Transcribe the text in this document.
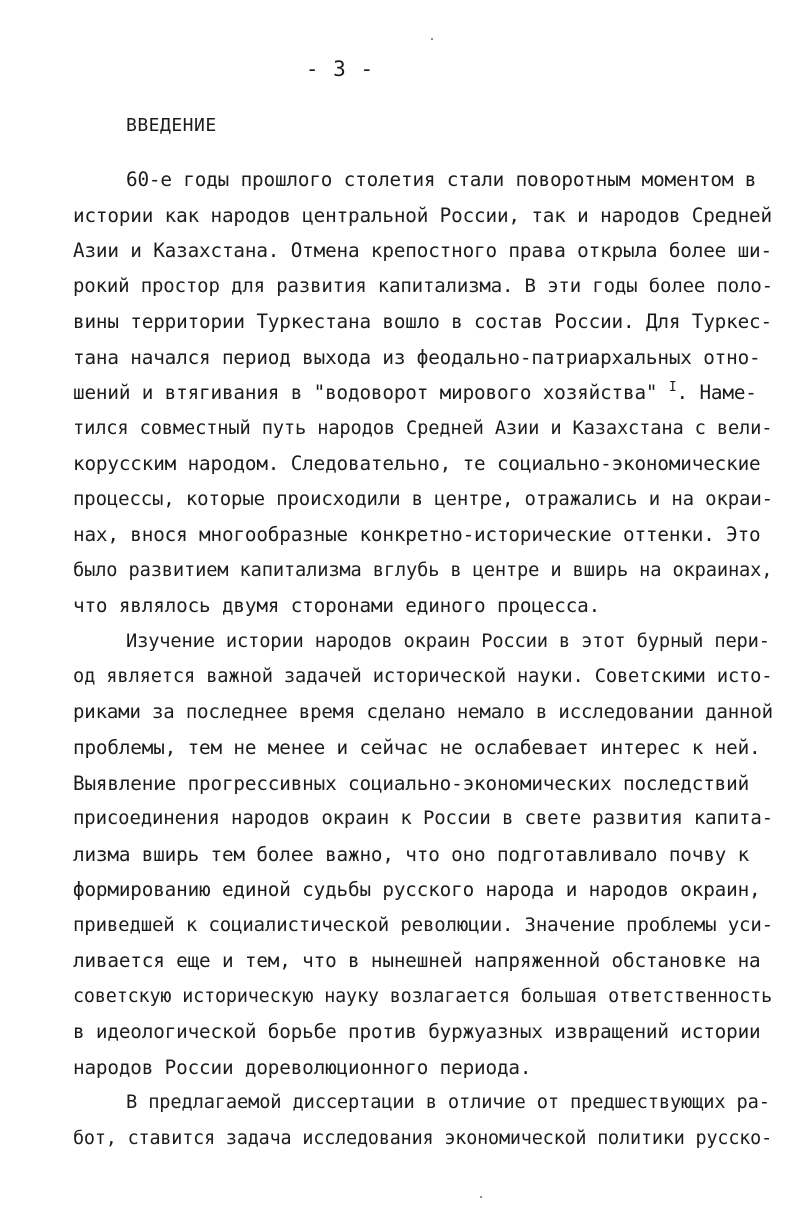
- 3 -
ВВЕДЕНИЕ
60-е годы прошлого столетия стали поворотным моментом в
истории как народов центральной России, так и народов Средней
Азии и Казахстана. Отмена крепостного права открыла более ши-
рокий простор для развития капитализма. В эти годы более поло-
вины территории Туркестана вошло в состав России. Для Туркес-
тана начался период выхода из феодально-патриархальных отно-
шений и втягивания в "водоворот мирового хозяйства" $^I$. Наме-
тился совместный путь народов Средней Азии и Казахстана с вели-
корусским народом. Следовательно, те социально-экономические
процессы, которые происходили в центре, отражались и на окраи-
нах, внося многообразные конкретно-исторические оттенки. Это
было развитием капитализма вглубь в центре и вширь на окраинах,
что являлось двумя сторонами единого процесса.
Изучение истории народов окраин России в этот бурный пери-
од является важной задачей исторической науки. Советскими исто-
риками за последнее время сделано немало в исследовании данной
проблемы, тем не менее и сейчас не ослабевает интерес к ней.
Выявление прогрессивных социально-экономических последствий
присоединения народов окраин к России в свете развития капита-
лизма вширь тем более важно, что оно подготавливало почву к
формированию единой судьбы русского народа и народов окраин,
приведшей к социалистической революции. Значение проблемы уси-
ливается еще и тем, что в нынешней напряженной обстановке на
советскую историческую науку возлагается большая ответственность
в идеологической борьбе против буржуазных извращений истории
народов России дореволюционного периода.
В предлагаемой диссертации в отличие от предшествующих ра-
бот, ставится задача исследования экономической политики русско-
